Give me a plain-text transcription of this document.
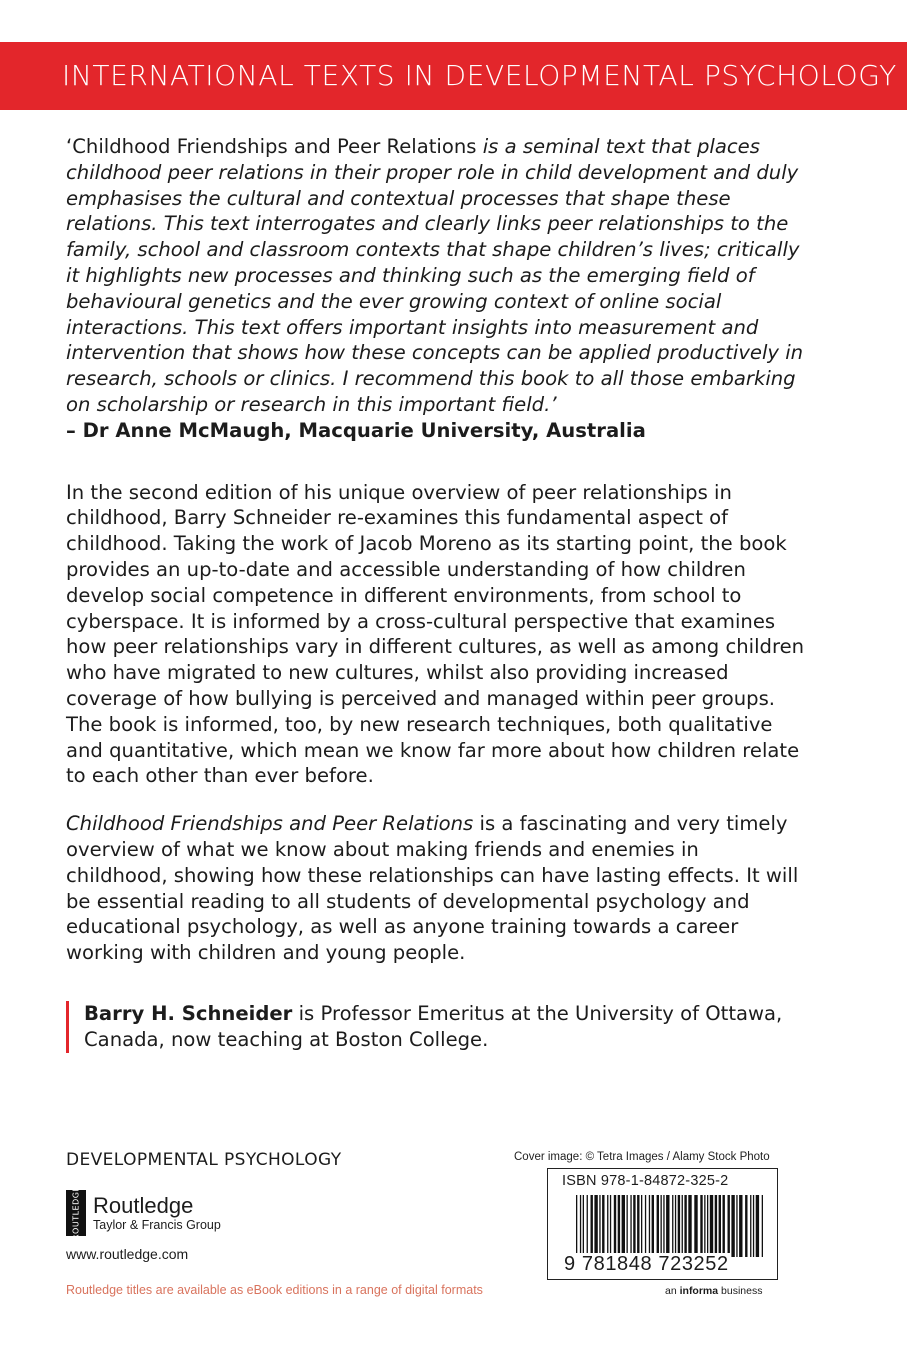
INTERNATIONAL TEXTS IN DEVELOPMENTAL PSYCHOLOGY

‘Childhood Friendships and Peer Relations is a seminal text that places childhood peer relations in their proper role in child development and duly emphasises the cultural and contextual processes that shape these relations. This text interrogates and clearly links peer relationships to the family, school and classroom contexts that shape children’s lives; critically it highlights new processes and thinking such as the emerging field of behavioural genetics and the ever growing context of online social interactions. This text offers important insights into measurement and intervention that shows how these concepts can be applied productively in research, schools or clinics. I recommend this book to all those embarking on scholarship or research in this important field.’

– Dr Anne McMaugh, Macquarie University, Australia

In the second edition of his unique overview of peer relationships in childhood, Barry Schneider re-examines this fundamental aspect of childhood. Taking the work of Jacob Moreno as its starting point, the book provides an up-to-date and accessible understanding of how children develop social competence in different environments, from school to cyberspace. It is informed by a cross-cultural perspective that examines how peer relationships vary in different cultures, as well as among children who have migrated to new cultures, whilst also providing increased coverage of how bullying is perceived and managed within peer groups. The book is informed, too, by new research techniques, both qualitative and quantitative, which mean we know far more about how children relate to each other than ever before.

Childhood Friendships and Peer Relations is a fascinating and very timely overview of what we know about making friends and enemies in childhood, showing how these relationships can have lasting effects. It will be essential reading to all students of developmental psychology and educational psychology, as well as anyone training towards a career working with children and young people.

Barry H. Schneider is Professor Emeritus at the University of Ottawa, Canada, now teaching at Boston College.
DEVELOPMENTAL PSYCHOLOGY
ROUTLEDGE Routledge
Taylor & Francis Group
www.routledge.com
Routledge titles are available as eBook editions in a range of digital formats
Cover image: © Tetra Images / Alamy Stock Photo
ISBN 978-1-84872-325-2
9 781848 723252
an informa business
